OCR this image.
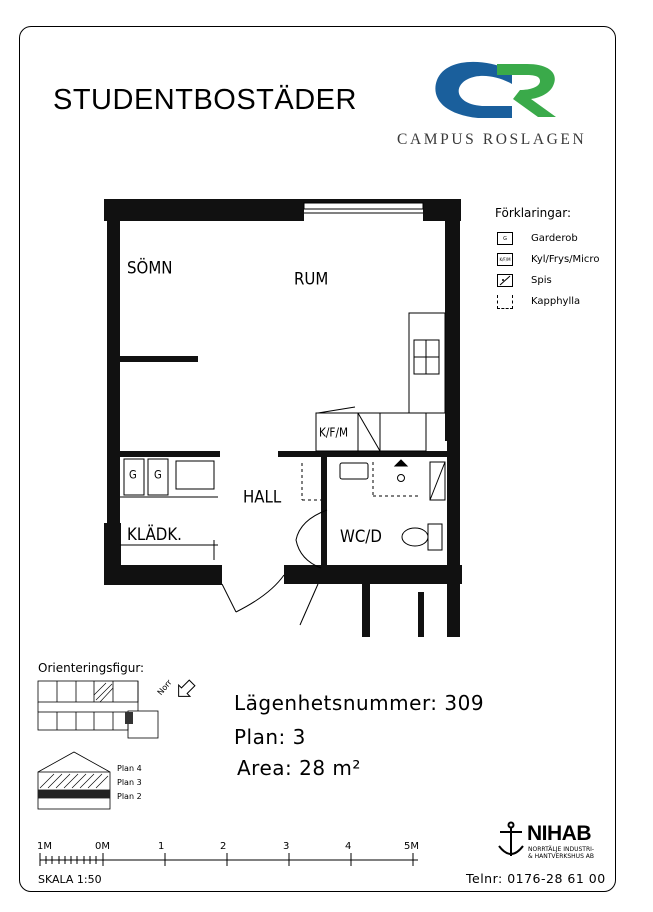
STUDENTBOSTÄDER
CAMPUS ROSLAGEN
Förklaringar:
G	Garderob
K/F/M Kyl/Frys/Micro
Spis
Kapphylla
SÖMN
RUM
HALL
KLÄDK.	WC/D
K/F/M
G G
Orienteringsfigur:
Norr
Plan 4
Plan 3
Plan 2
Lägenhetsnummer: 309
Plan: 3
Area: 28 m²
1M	0M	1	2	3	4	5M
SKALA 1:50
NIHAB
NORRTÄLJE INDUSTRI-
& HANTVERKSHUS AB
Telnr: 0176-28 61 00
